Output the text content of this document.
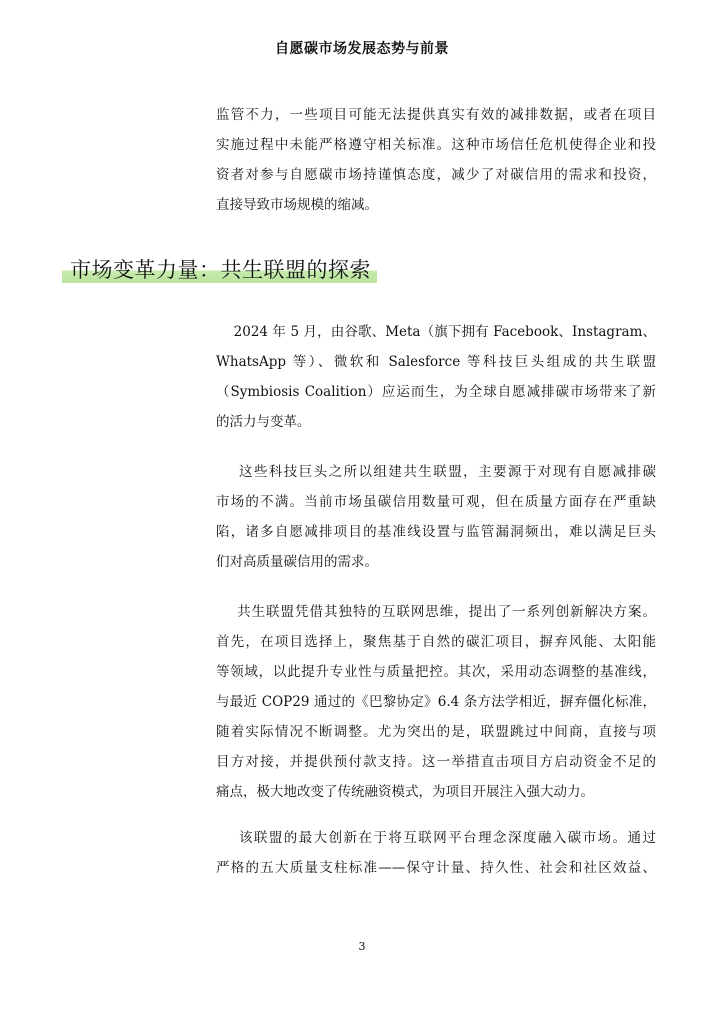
自愿碳市场发展态势与前景
监管不力，一些项目可能无法提供真实有效的减排数据，或者在项目
实施过程中未能严格遵守相关标准。这种市场信任危机使得企业和投
资者对参与自愿碳市场持谨慎态度，减少了对碳信用的需求和投资，
直接导致市场规模的缩减。
市场变革力量：共生联盟的探索
2024 年 5 月，由谷歌、Meta（旗下拥有 Facebook、Instagram、
WhatsApp 等）、微软和 Salesforce 等科技巨头组成的共生联盟
（Symbiosis Coalition）应运而生，为全球自愿减排碳市场带来了新
的活力与变革。
这些科技巨头之所以组建共生联盟，主要源于对现有自愿减排碳
市场的不满。当前市场虽碳信用数量可观，但在质量方面存在严重缺
陷，诸多自愿减排项目的基准线设置与监管漏洞频出，难以满足巨头
们对高质量碳信用的需求。
共生联盟凭借其独特的互联网思维，提出了一系列创新解决方案。
首先，在项目选择上，聚焦基于自然的碳汇项目，摒弃风能、太阳能
等领域，以此提升专业性与质量把控。其次，采用动态调整的基准线，
与最近 COP29 通过的《巴黎协定》6.4 条方法学相近，摒弃僵化标准，
随着实际情况不断调整。尤为突出的是，联盟跳过中间商，直接与项
目方对接，并提供预付款支持。这一举措直击项目方启动资金不足的
痛点，极大地改变了传统融资模式，为项目开展注入强大动力。
该联盟的最大创新在于将互联网平台理念深度融入碳市场。通过
严格的五大质量支柱标准——保守计量、持久性、社会和社区效益、
3
